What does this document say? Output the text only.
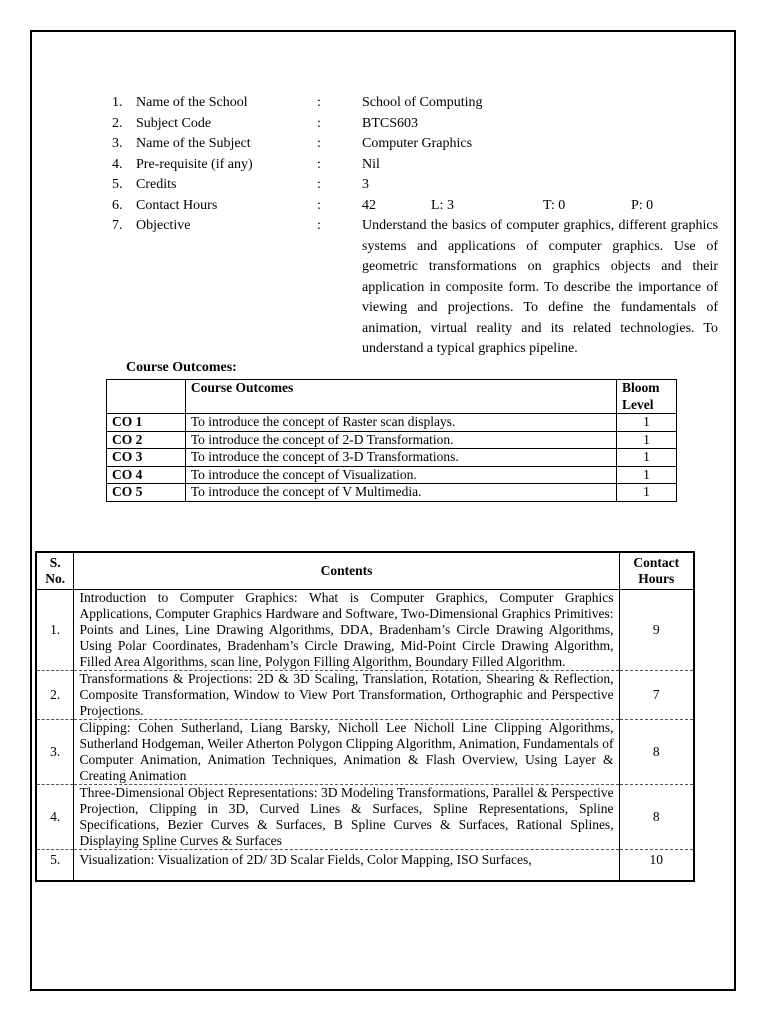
1. Name of the School	:	School of Computing
2. Subject Code	:	BTCS603
3. Name of the Subject	:	Computer Graphics
4. Pre-requisite (if any)	:	Nil
5. Credits	:	3
6. Contact Hours	:	42	L: 3	T: 0	P: 0
7. Objective	:	Understand the basics of computer graphics, different graphics systems and applications of computer graphics. Use of geometric transformations on graphics objects and their application in composite form. To describe the importance of viewing and projections. To define the fundamentals of animation, virtual reality and its related technologies. To understand a typical graphics pipeline.
Course Outcomes:
	Course Outcomes	Bloom Level
CO 1	To introduce the concept of Raster scan displays.	1
CO 2	To introduce the concept of 2-D Transformation.	1
CO 3	To introduce the concept of 3-D Transformations.	1
CO 4	To introduce the concept of Visualization.	1
CO 5	To introduce the concept of V Multimedia.	1
S. No.	Contents	Contact Hours
1.	Introduction to Computer Graphics: What is Computer Graphics, Computer Graphics Applications, Computer Graphics Hardware and Software, Two-Dimensional Graphics Primitives: Points and Lines, Line Drawing Algorithms, DDA, Bradenham’s Circle Drawing Algorithms, Using Polar Coordinates, Bradenham’s Circle Drawing, Mid-Point Circle Drawing Algorithm, Filled Area Algorithms, scan line, Polygon Filling Algorithm, Boundary Filled Algorithm.	9
2.	Transformations & Projections: 2D & 3D Scaling, Translation, Rotation, Shearing & Reflection, Composite Transformation, Window to View Port Transformation, Orthographic and Perspective Projections.	7
3.	Clipping: Cohen Sutherland, Liang Barsky, Nicholl Lee Nicholl Line Clipping Algorithms, Sutherland Hodgeman, Weiler Atherton Polygon Clipping Algorithm, Animation, Fundamentals of Computer Animation, Animation Techniques, Animation & Flash Overview, Using Layer & Creating Animation	8
4.	Three-Dimensional Object Representations: 3D Modeling Transformations, Parallel & Perspective Projection, Clipping in 3D, Curved Lines & Surfaces, Spline Representations, Spline Specifications, Bezier Curves & Surfaces, B Spline Curves & Surfaces, Rational Splines, Displaying Spline Curves & Surfaces	8
5.	Visualization: Visualization of 2D/ 3D Scalar Fields, Color Mapping, ISO Surfaces,	10
